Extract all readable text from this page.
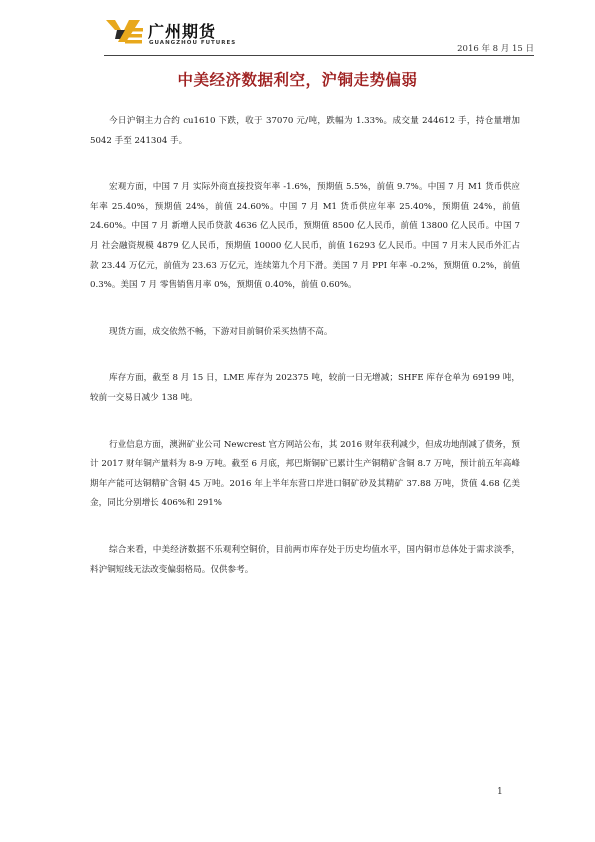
广州期货
GUANGZHOU FUTURES
2016 年 8 月 15 日
中美经济数据利空，沪铜走势偏弱

今日沪铜主力合约 cu1610 下跌，收于 37070 元/吨，跌幅为 1.33%。成交量 244612 手，持仓量增加 5042 手至 241304 手。

宏观方面，中国 7 月 实际外商直接投资年率 -1.6%，预期值 5.5%，前值 9.7%。中国 7 月 M1 货币供应年率 25.40%，预期值 24%，前值 24.60%。中国 7 月 M1 货币供应年率 25.40%，预期值 24%，前值 24.60%。中国 7 月 新增人民币贷款 4636 亿人民币，预期值 8500 亿人民币，前值 13800 亿人民币。中国 7 月 社会融资规模 4879 亿人民币，预期值 10000 亿人民币，前值 16293 亿人民币。中国 7 月末人民币外汇占款 23.44 万亿元，前值为 23.63 万亿元，连续第九个月下滑。美国 7 月 PPI 年率 -0.2%，预期值 0.2%，前值 0.3%。美国 7 月 零售销售月率 0%，预期值 0.40%，前值 0.60%。

现货方面，成交依然不畅，下游对目前铜价采买热情不高。

库存方面，截至 8 月 15 日，LME 库存为 202375 吨，较前一日无增减；SHFE 库存仓单为 69199 吨，较前一交易日减少 138 吨。

行业信息方面，澳洲矿业公司 Newcrest 官方网站公布，其 2016 财年获利减少，但成功地削减了债务，预计 2017 财年铜产量料为 8-9 万吨。截至 6 月底，邦巴斯铜矿已累计生产铜精矿含铜 8.7 万吨，预计前五年高峰期年产能可达铜精矿含铜 45 万吨。2016 年上半年东营口岸进口铜矿砂及其精矿 37.88 万吨，货值 4.68 亿美金，同比分别增长 406%和 291%

综合来看，中美经济数据不乐观利空铜价，目前两市库存处于历史均值水平，国内铜市总体处于需求淡季，料沪铜短线无法改变偏弱格局。仅供参考。

1
